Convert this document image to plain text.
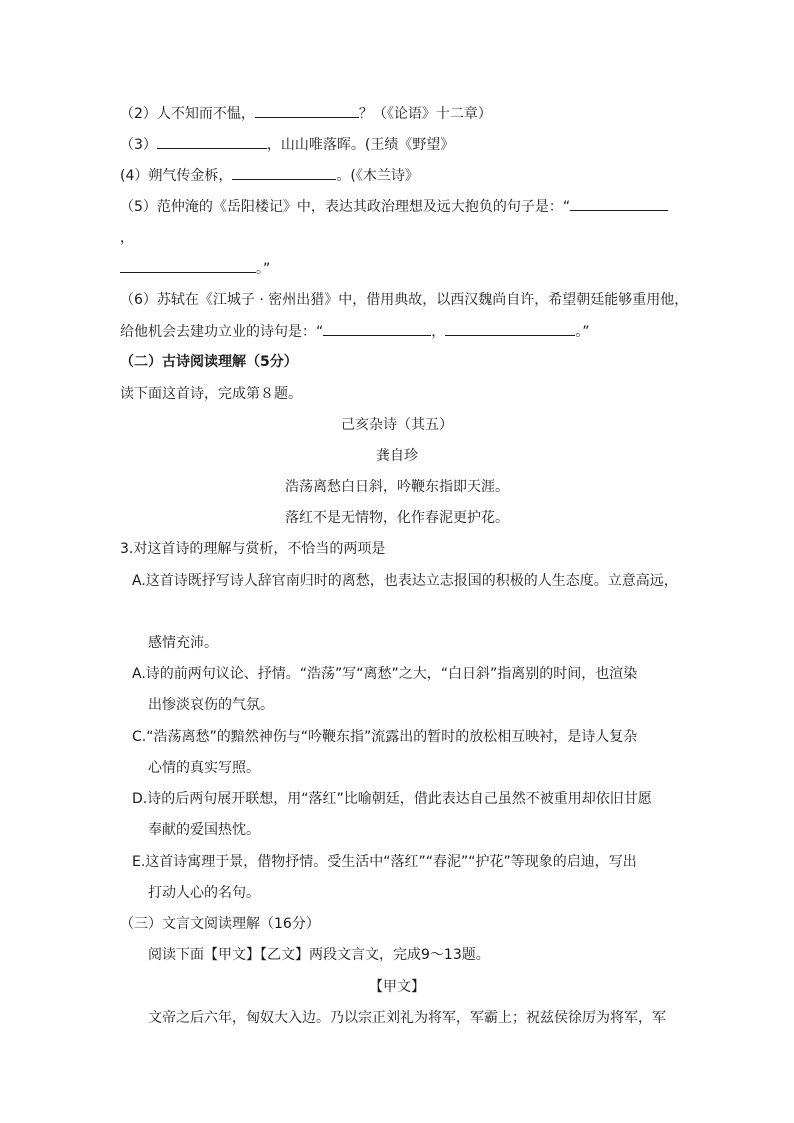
（2）人不知而不愠，	？（《论语》十二章）
（3）	，山山唯落晖。(王绩《野望》
(4）朔气传金柝，	。(《木兰诗》
（5）范仲淹的《岳阳楼记》中，表达其政治理想及远大抱负的句子是：“
，
。”
（6）苏轼在《江城子 · 密州出猎》中，借用典故，以西汉魏尚自许，希望朝廷能够重用他，
给他机会去建功立业的诗句是：“	，	。”
（二）古诗阅读理解（5分）
读下面这首诗，完成第８题。
己亥杂诗（其五）
龚自珍
浩荡离愁白日斜，吟鞭东指即天涯。
落红不是无情物，化作春泥更护花。
3.对这首诗的理解与赏析，不恰当的两项是
A.这首诗既抒写诗人辞官南归时的离愁，也表达立志报国的积极的人生态度。立意高远，
感情充沛。
A.诗的前两句议论、抒情。“浩荡”写“离愁”之大，“白日斜”指离别的时间，也渲染
出惨淡哀伤的气氛。
C.“浩荡离愁”的黯然神伤与“吟鞭东指”流露出的暂时的放松相互映衬，是诗人复杂
心情的真实写照。
D.诗的后两句展开联想，用“落红”比喻朝廷，借此表达自己虽然不被重用却依旧甘愿
奉献的爱国热忱。
E.这首诗寓理于景，借物抒情。受生活中“落红”“春泥”“护花”等现象的启迪，写出
打动人心的名句。
（三）文言文阅读理解（16分）
阅读下面【甲文】【乙文】两段文言文，完成9～13题。
【甲文】
文帝之后六年，匈奴大入边。乃以宗正刘礼为将军，军霸上；祝兹侯徐厉为将军，军
